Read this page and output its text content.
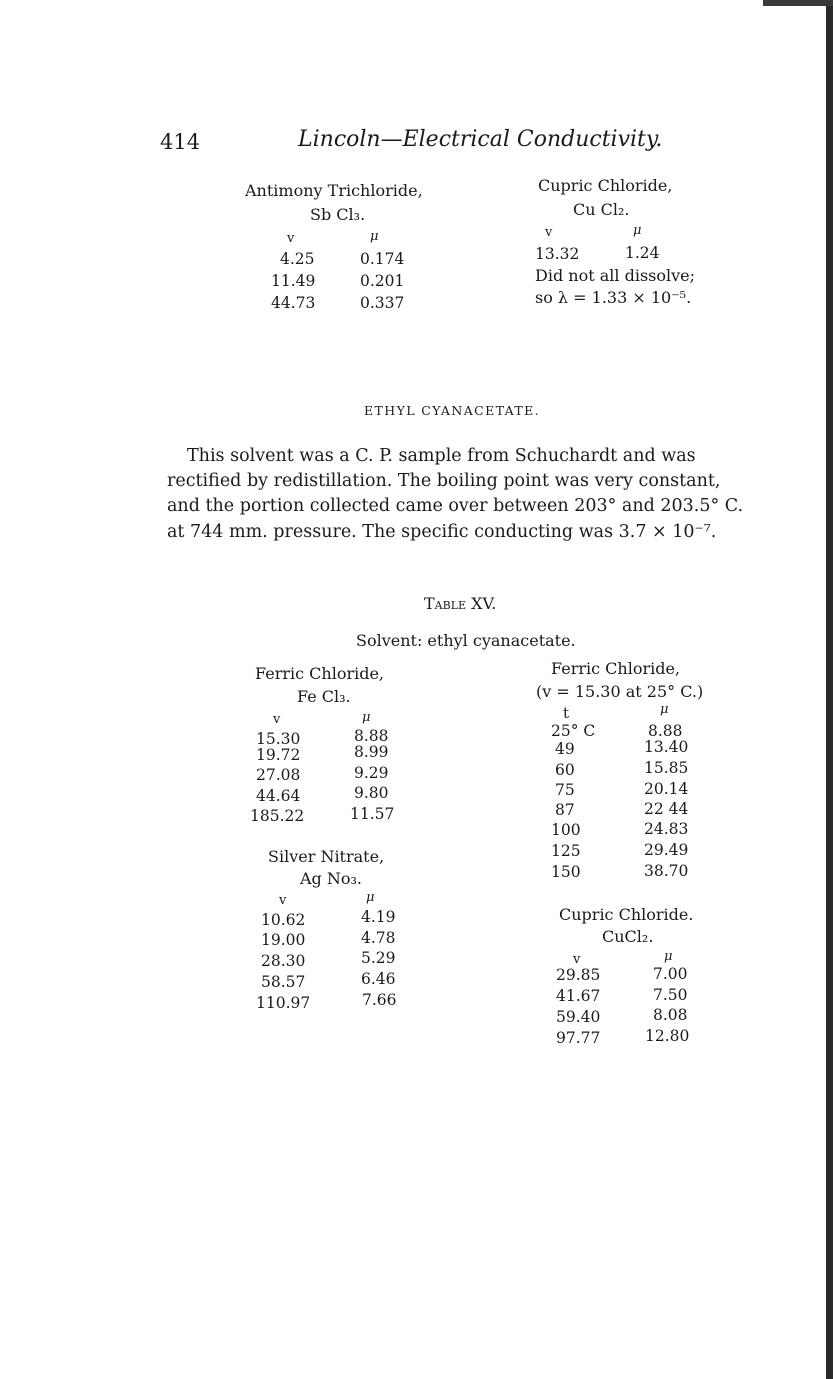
414	Lincoln—Electrical Conductivity.
Antimony Trichloride,
Sb Cl₃.
v	μ
4.25	0.174
11.49	0.201
44.73	0.337
Cupric Chloride,
Cu Cl₂.
v	μ
13.32	1.24
Did not all dissolve;
so λ = 1.33 × 10⁻⁵.
ETHYL CYANACETATE.
This solvent was a C. P. sample from Schuchardt and was
rectified by redistillation. The boiling point was very constant,
and the portion collected came over between 203° and 203.5° C.
at 744 mm. pressure. The specific conducting was 3.7 × 10⁻⁷.
Table XV.
Solvent: ethyl cyanacetate.
Ferric Chloride,
Fe Cl₃.
v	μ
15.30	8.88
19.72	8.99
27.08	9.29
44.64	9.80
185.22	11.57
Ferric Chloride,
(v = 15.30 at 25° C.)
t	μ
25° C	8.88
49	13.40
60	15.85
75	20.14
87	22 44
100	24.83
125	29.49
150	38.70
Silver Nitrate,
Ag No₃.
v	μ
10.62	4.19
19.00	4.78
28.30	5.29
58.57	6.46
110.97	7.66
Cupric Chloride.
CuCl₂.
v	μ
29.85	7.00
41.67	7.50
59.40	8.08
97.77	12.80
